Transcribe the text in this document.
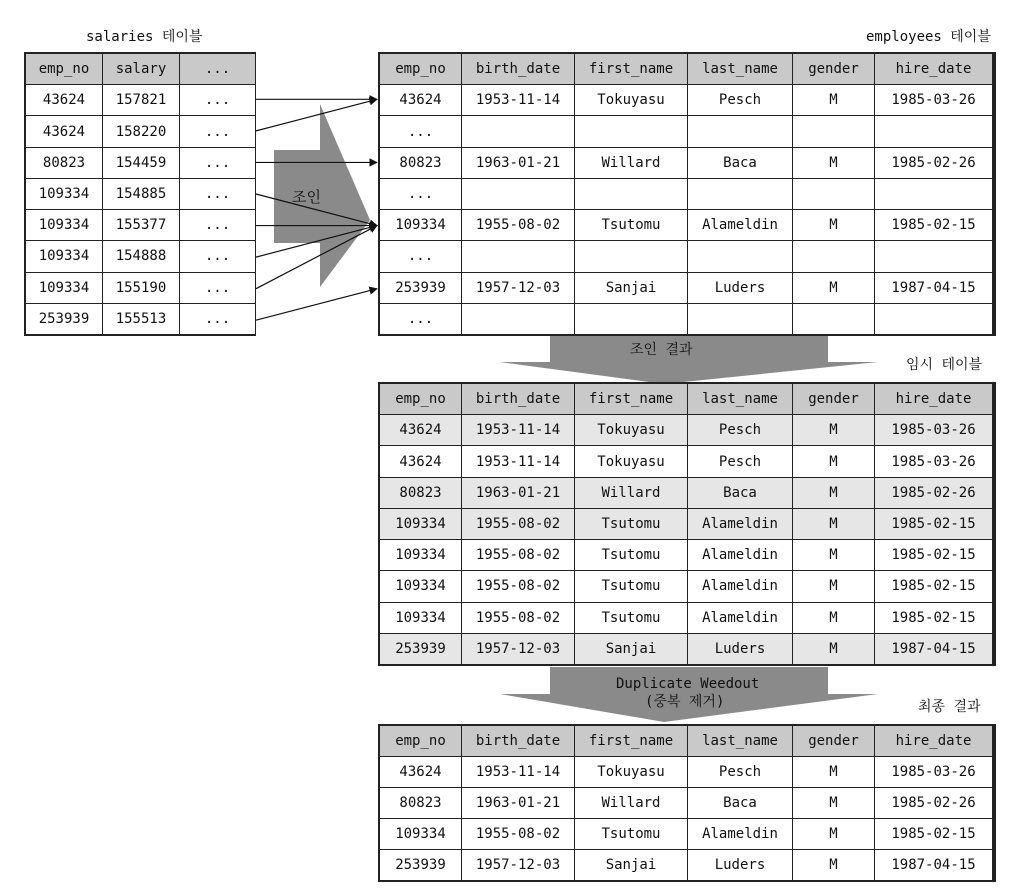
salaries 테이블	employees 테이블
임시 테이블
최종 결과
조인
조인 결과
Duplicate Weedout
(중복 제거)
emp_no	salary	...
43624	157821	...
43624	158220	...
80823	154459	...
109334	154885	...
109334	155377	...
109334	154888	...
109334	155190	...
253939	155513	...
emp_no	birth_date	first_name	last_name	gender	hire_date
43624	1953-11-14	Tokuyasu	Pesch	M	1985-03-26
...
80823	1963-01-21	Willard	Baca	M	1985-02-26
...
109334	1955-08-02	Tsutomu	Alameldin	M	1985-02-15
...
253939	1957-12-03	Sanjai	Luders	M	1987-04-15
...
emp_no	birth_date	first_name	last_name	gender	hire_date
43624	1953-11-14	Tokuyasu	Pesch	M	1985-03-26
43624	1953-11-14	Tokuyasu	Pesch	M	1985-03-26
80823	1963-01-21	Willard	Baca	M	1985-02-26
109334	1955-08-02	Tsutomu	Alameldin	M	1985-02-15
109334	1955-08-02	Tsutomu	Alameldin	M	1985-02-15
109334	1955-08-02	Tsutomu	Alameldin	M	1985-02-15
109334	1955-08-02	Tsutomu	Alameldin	M	1985-02-15
253939	1957-12-03	Sanjai	Luders	M	1987-04-15
emp_no	birth_date	first_name	last_name	gender	hire_date
43624	1953-11-14	Tokuyasu	Pesch	M	1985-03-26
80823	1963-01-21	Willard	Baca	M	1985-02-26
109334	1955-08-02	Tsutomu	Alameldin	M	1985-02-15
253939	1957-12-03	Sanjai	Luders	M	1987-04-15
